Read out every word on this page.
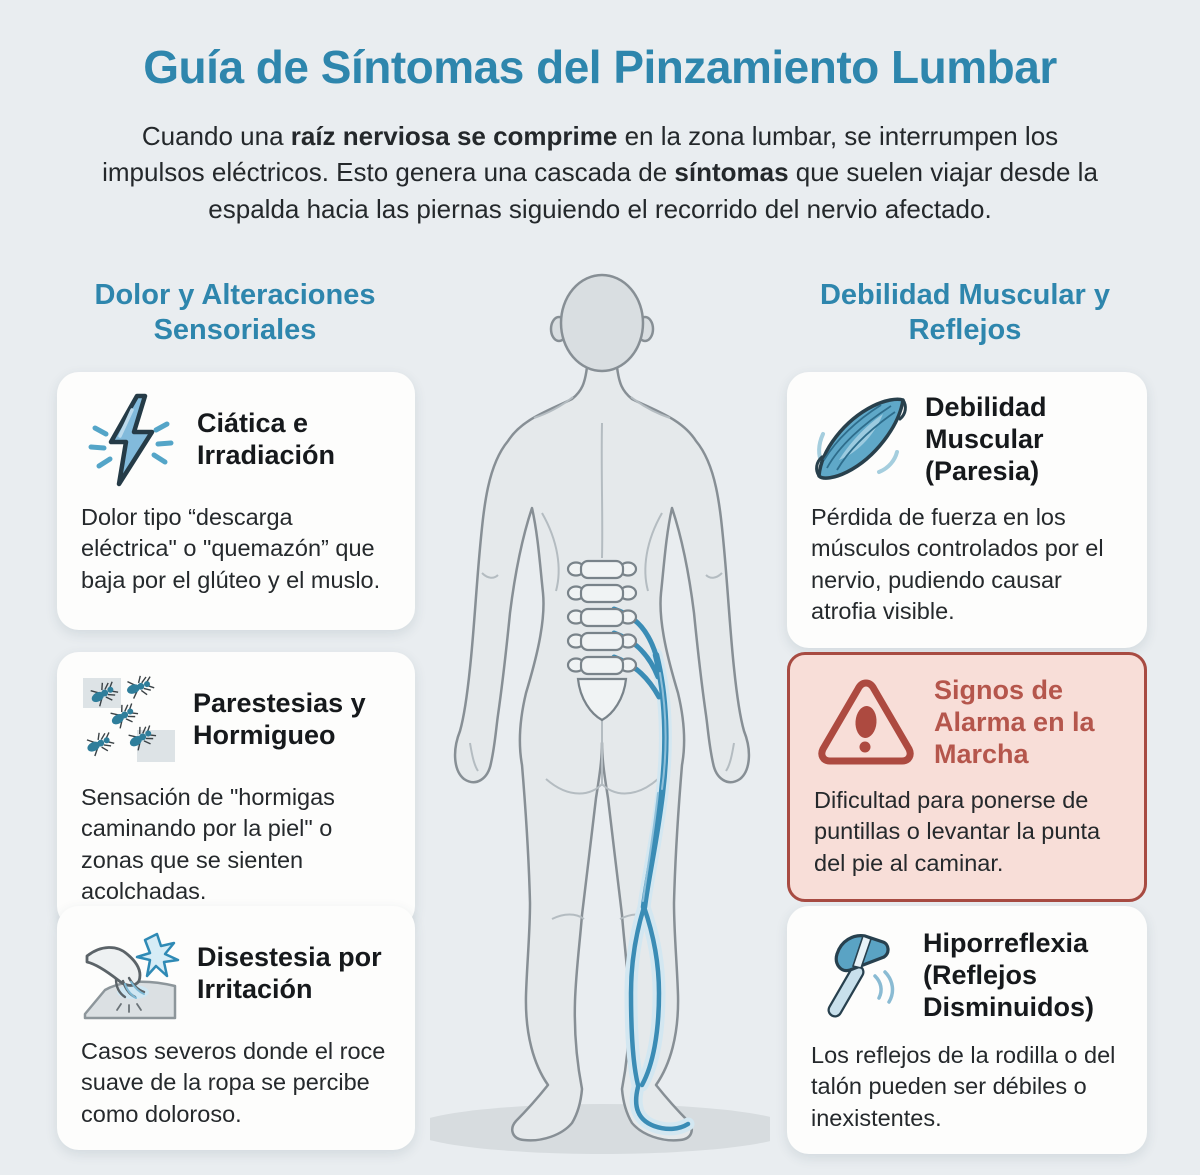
Guía de Síntomas del Pinzamiento Lumbar

Cuando una raíz nerviosa se comprime en la zona lumbar, se interrumpen los impulsos eléctricos. Esto genera una cascada de síntomas que suelen viajar desde la espalda hacia las piernas siguiendo el recorrido del nervio afectado.

Dolor y Alteraciones Sensoriales
Debilidad Muscular y Reflejos
Ciática e Irradiación

Dolor tipo “descarga eléctrica" o "quemazón” que baja por el glúteo y el muslo.

Parestesias y Hormigueo

Sensación de "hormigas caminando por la piel" o zonas que se sienten acolchadas.

Disestesia por Irritación

Casos severos donde el roce suave de la ropa se percibe como doloroso.

Debilidad Muscular (Paresia)

Pérdida de fuerza en los músculos controlados por el nervio, pudiendo causar atrofia visible.

Signos de Alarma en la Marcha

Dificultad para ponerse de puntillas o levantar la punta del pie al caminar.

Hiporreflexia (Reflejos Disminuidos)

Los reflejos de la rodilla o del talón pueden ser débiles o inexistentes.
